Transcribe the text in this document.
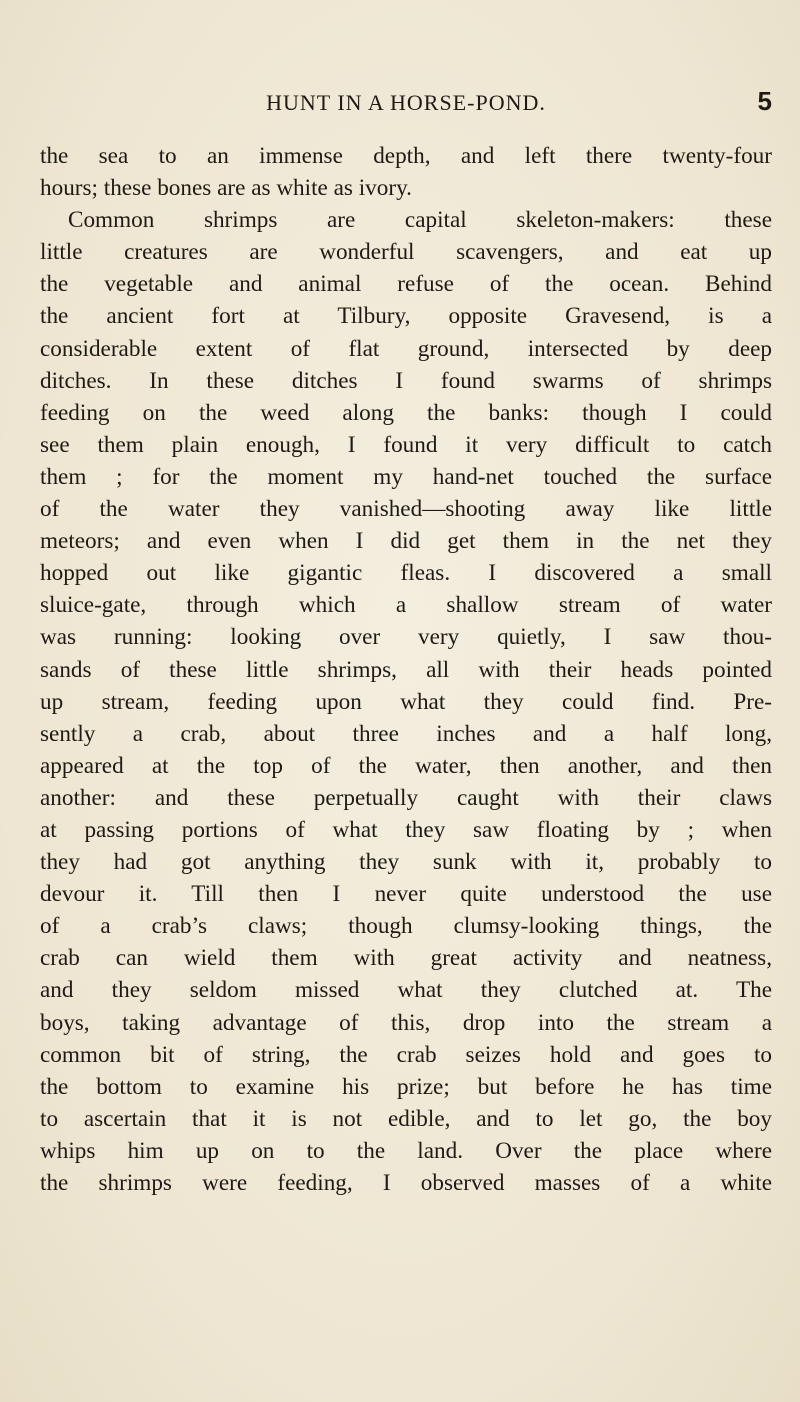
HUNT IN A HORSE-POND.	5
the sea to an immense depth, and left there twenty-four
hours; these bones are as white as ivory.
Common shrimps are capital skeleton-makers: these
little creatures are wonderful scavengers, and eat up
the vegetable and animal refuse of the ocean. Behind
the ancient fort at Tilbury, opposite Gravesend, is a
considerable extent of flat ground, intersected by deep
ditches. In these ditches I found swarms of shrimps
feeding on the weed along the banks: though I could
see them plain enough, I found it very difficult to catch
them ; for the moment my hand-net touched the surface
of the water they vanished—shooting away like little
meteors; and even when I did get them in the net they
hopped out like gigantic fleas. I discovered a small
sluice-gate, through which a shallow stream of water
was running: looking over very quietly, I saw thou-
sands of these little shrimps, all with their heads pointed
up stream, feeding upon what they could find. Pre-
sently a crab, about three inches and a half long,
appeared at the top of the water, then another, and then
another: and these perpetually caught with their claws
at passing portions of what they saw floating by ; when
they had got anything they sunk with it, probably to
devour it. Till then I never quite understood the use
of a crab’s claws; though clumsy-looking things, the
crab can wield them with great activity and neatness,
and they seldom missed what they clutched at. The
boys, taking advantage of this, drop into the stream a
common bit of string, the crab seizes hold and goes to
the bottom to examine his prize; but before he has time
to ascertain that it is not edible, and to let go, the boy
whips him up on to the land. Over the place where
the shrimps were feeding, I observed masses of a white
